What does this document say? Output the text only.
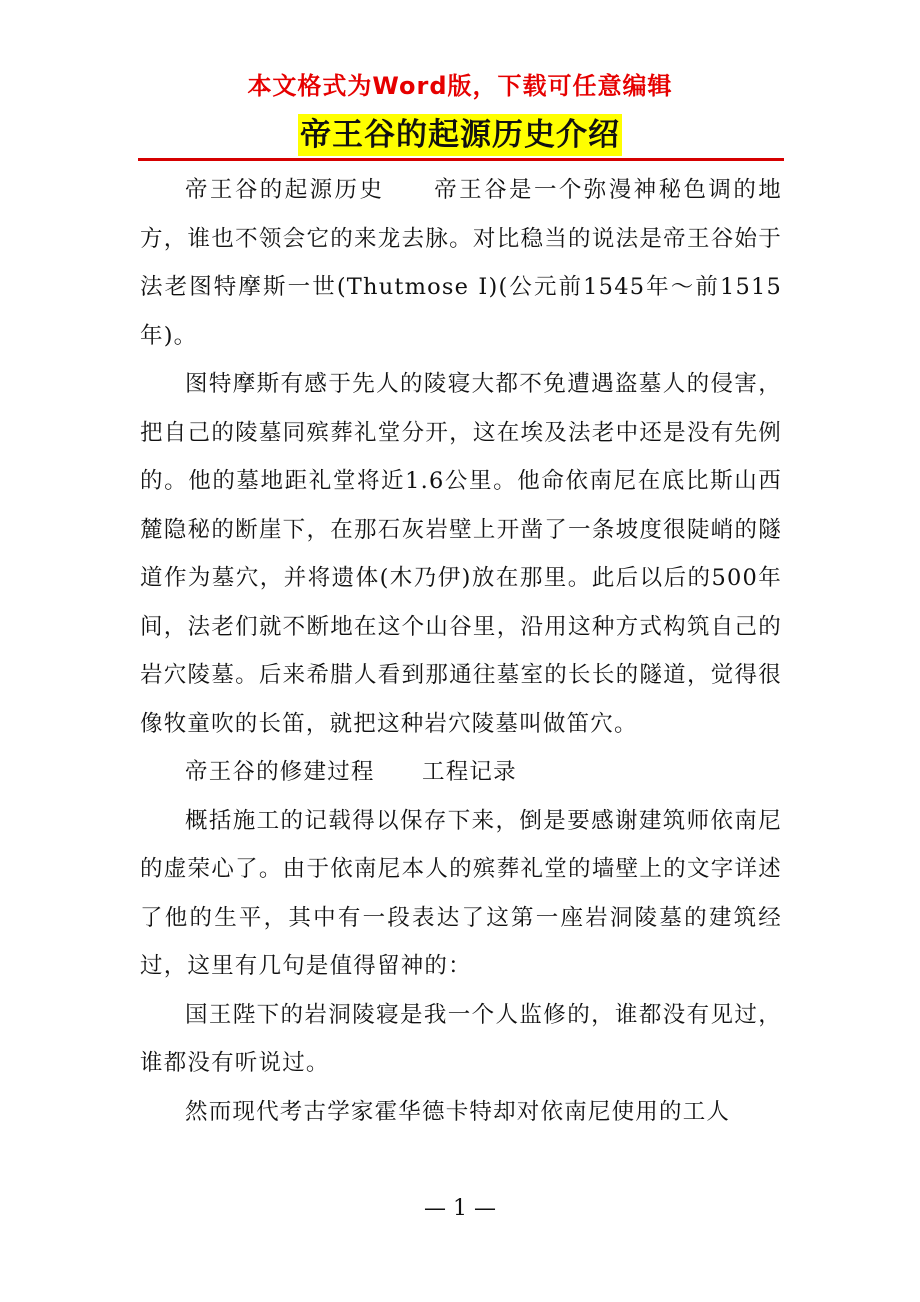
本文格式为Word版，下载可任意编辑
帝王谷的起源历史介绍

帝王谷的起源历史　　帝王谷是一个弥漫神秘色调的地方，谁也不领会它的来龙去脉。对比稳当的说法是帝王谷始于法老图特摩斯一世(Thutmose I)(公元前1545年～前1515年)。

图特摩斯有感于先人的陵寝大都不免遭遇盗墓人的侵害，把自己的陵墓同殡葬礼堂分开，这在埃及法老中还是没有先例的。他的墓地距礼堂将近1.6公里。他命依南尼在底比斯山西麓隐秘的断崖下，在那石灰岩壁上开凿了一条坡度很陡峭的隧道作为墓穴，并将遗体(木乃伊)放在那里。此后以后的500年间，法老们就不断地在这个山谷里，沿用这种方式构筑自己的岩穴陵墓。后来希腊人看到那通往墓室的长长的隧道，觉得很像牧童吹的长笛，就把这种岩穴陵墓叫做笛穴。

帝王谷的修建过程　　工程记录

概括施工的记载得以保存下来，倒是要感谢建筑师依南尼的虚荣心了。由于依南尼本人的殡葬礼堂的墙壁上的文字详述了他的生平，其中有一段表达了这第一座岩洞陵墓的建筑经过，这里有几句是值得留神的：

国王陛下的岩洞陵寝是我一个人监修的，谁都没有见过，谁都没有听说过。

然而现代考古学家霍华德卡特却对依南尼使用的工人

— 1 —
